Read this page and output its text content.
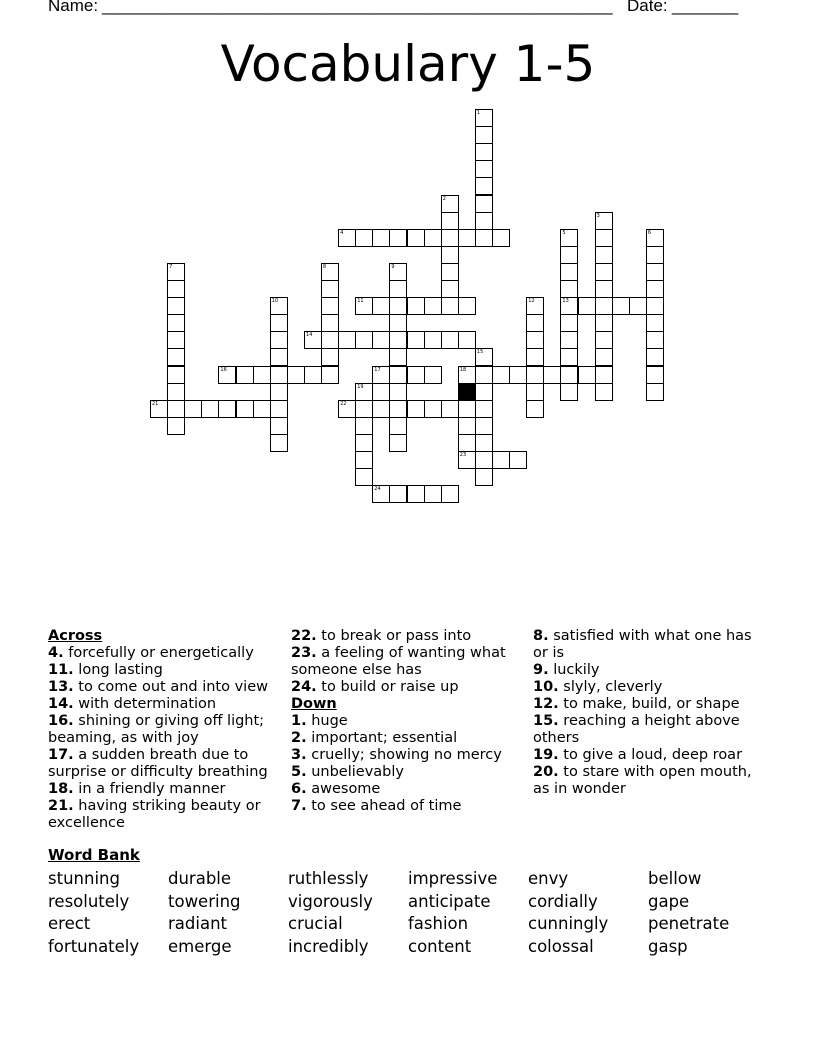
Name: ______________________________________________________ Date: _______
Vocabulary 1-5
4
11	13
14
16	17	18
21	22
23
24
1
2
3
5	6
7	8	9
10	12
15
19	20
Across
4. forcefully or energetically
11. long lasting
13. to come out and into view
14. with determination
16. shining or giving off light; beaming, as with joy
17. a sudden breath due to surprise or difficulty breathing
18. in a friendly manner
21. having striking beauty or excellence
22. to break or pass into
23. a feeling of wanting what someone else has
24. to build or raise up
Down
1. huge
2. important; essential
3. cruelly; showing no mercy
5. unbelievably
6. awesome
7. to see ahead of time
8. satisfied with what one has or is
9. luckily
10. slyly, cleverly
12. to make, build, or shape
15. reaching a height above others
19. to give a loud, deep roar
20. to stare with open mouth, as in wonder
Word Bank
stunning	durable	ruthlessly	impressive	envy	bellow
resolutely	towering	vigorously	anticipate	cordially	gape
erect	radiant	crucial	fashion	cunningly	penetrate
fortunately	emerge	incredibly	content	colossal	gasp
